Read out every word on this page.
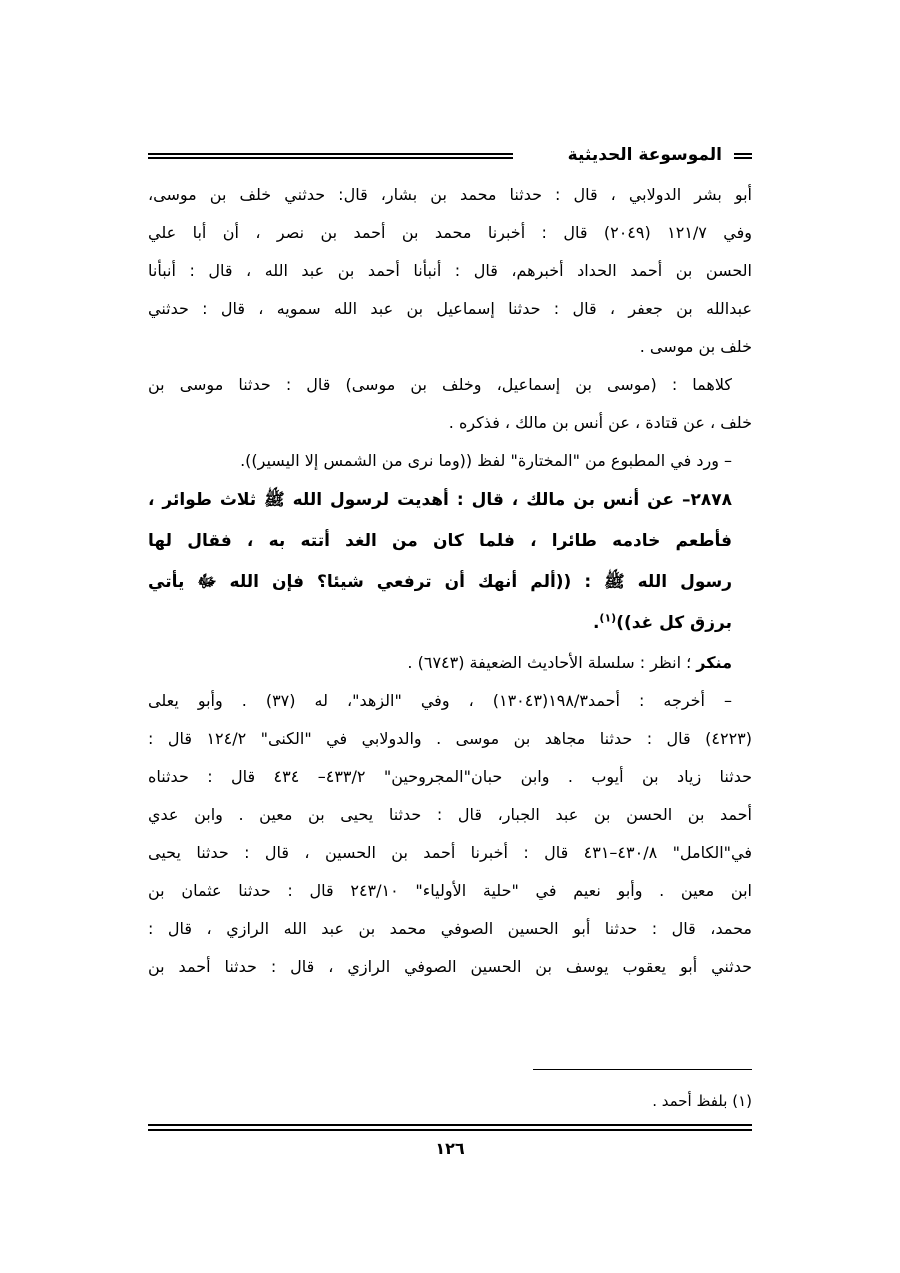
الموسوعة الحديثية
أبو بشر الدولابي ، قال : حدثنا محمد بن بشار، قال: حدثني خلف بن موسى،
وفي ١٢١/٧ (٢٠٤٩) قال : أخبرنا محمد بن أحمد بن نصر ، أن أبا علي
الحسن بن أحمد الحداد أخبرهم، قال : أنبأنا أحمد بن عبد الله ، قال : أنبأنا
عبدالله بن جعفر ، قال : حدثنا إسماعيل بن عبد الله سمويه ، قال : حدثني
خلف بن موسى .
كلاهما : (موسى بن إسماعيل، وخلف بن موسى) قال : حدثنا موسى بن
خلف ، عن قتادة ، عن أنس بن مالك ، فذكره .
– ورد في المطبوع من "المختارة" لفظ ((وما نرى من الشمس إلا اليسير)).
٢٨٧٨– عن أنس بن مالك ، قال : أهديت لرسول الله ﷺ ثلاث طوائر ،
فأطعم خادمه طائرا ، فلما كان من الغد أتته به ، فقال لها
رسول الله ﷺ : ((ألم أنهك أن ترفعي شيئا؟ فإن الله ﷻ يأتي
برزق كل غد))$^{(١)}$.
منكر ؛ انظر : سلسلة الأحاديث الضعيفة (٦٧٤٣) .
– أخرجه : أحمد١٩٨/٣(١٣٠٤٣) ، وفي "الزهد"، له (٣٧) . وأبو يعلى
(٤٢٢٣) قال : حدثنا مجاهد بن موسى . والدولابي في "الكنى" ١٢٤/٢ قال :
حدثنا زياد بن أيوب . وابن حبان"المجروحين" ٤٣٣/٢– ٤٣٤ قال : حدثناه
أحمد بن الحسن بن عبد الجبار، قال : حدثنا يحيى بن معين . وابن عدي
في"الكامل" ٤٣٠/٨–٤٣١ قال : أخبرنا أحمد بن الحسين ، قال : حدثنا يحيى
ابن معين . وأبو نعيم في "حلية الأولياء" ٢٤٣/١٠ قال : حدثنا عثمان بن
محمد، قال : حدثنا أبو الحسين الصوفي محمد بن عبد الله الرازي ، قال :
حدثني أبو يعقوب يوسف بن الحسين الصوفي الرازي ، قال : حدثنا أحمد بن
(١) بلفظ أحمد .
١٢٦
